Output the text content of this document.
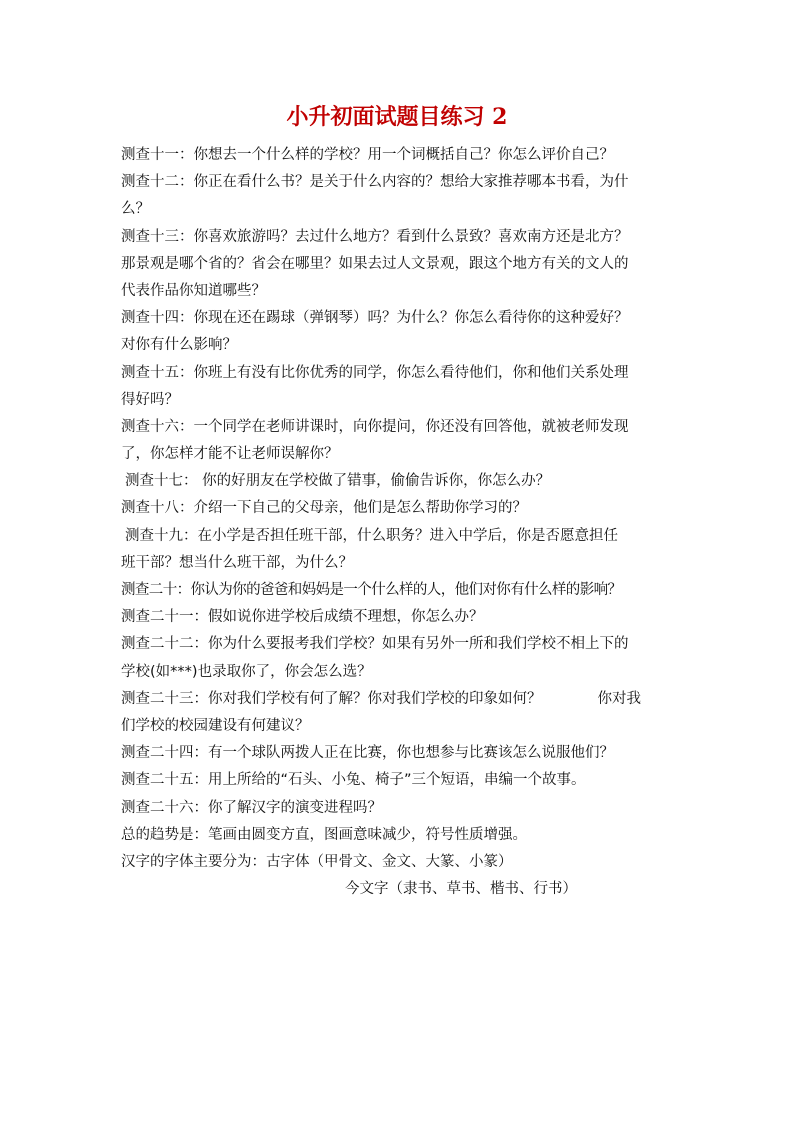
小升初面试题目练习 2
测查十一：你想去一个什么样的学校？用一个词概括自己？你怎么评价自己？
测查十二：你正在看什么书？是关于什么内容的？想给大家推荐哪本书看，为什
么？
测查十三：你喜欢旅游吗？去过什么地方？看到什么景致？喜欢南方还是北方？
那景观是哪个省的？省会在哪里？如果去过人文景观，跟这个地方有关的文人的
代表作品你知道哪些？
测查十四：你现在还在踢球（弹钢琴）吗？为什么？你怎么看待你的这种爱好？
对你有什么影响？
测查十五：你班上有没有比你优秀的同学，你怎么看待他们，你和他们关系处理
得好吗？
测查十六：一个同学在老师讲课时，向你提问，你还没有回答他，就被老师发现
了，你怎样才能不让老师误解你？
测查十七： 你的好朋友在学校做了错事，偷偷告诉你，你怎么办？
测查十八：介绍一下自己的父母亲，他们是怎么帮助你学习的？
测查十九：在小学是否担任班干部，什么职务？进入中学后，你是否愿意担任
班干部？想当什么班干部，为什么？
测查二十：你认为你的爸爸和妈妈是一个什么样的人，他们对你有什么样的影响？
测查二十一：假如说你进学校后成绩不理想，你怎么办？
测查二十二：你为什么要报考我们学校？如果有另外一所和我们学校不相上下的
学校(如***)也录取你了，你会怎么选？
测查二十三：你对我们学校有何了解？你对我们学校的印象如何？	你对我
们学校的校园建设有何建议？
测查二十四：有一个球队两拨人正在比赛，你也想参与比赛该怎么说服他们？
测查二十五：用上所给的“石头、小兔、椅子”三个短语，串编一个故事。
测查二十六：你了解汉字的演变进程吗？
总的趋势是：笔画由圆变方直，图画意味减少，符号性质增强。
汉字的字体主要分为：古字体（甲骨文、金文、大篆、小篆）
今文字（隶书、草书、楷书、行书）
